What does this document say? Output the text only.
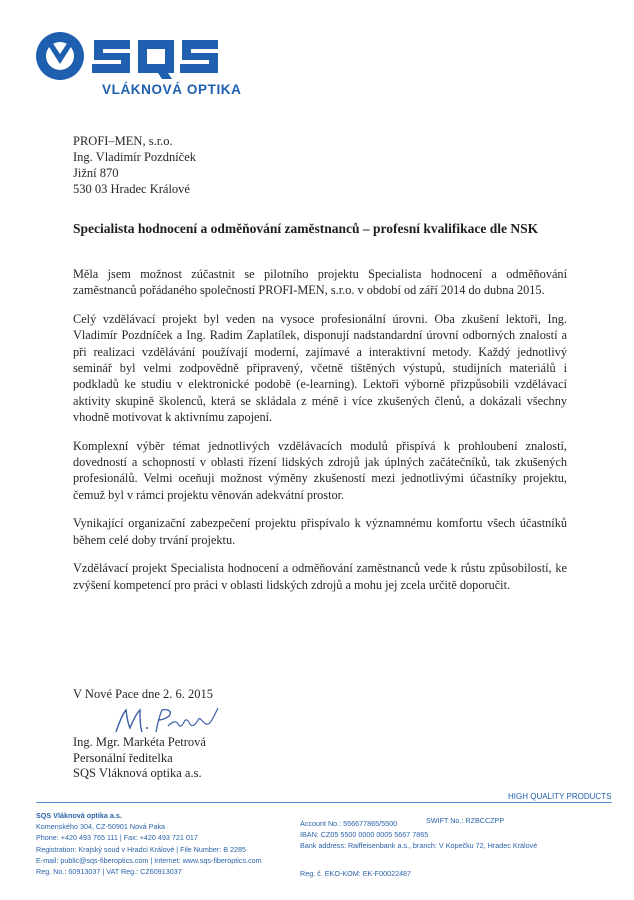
VLÁKNOVÁ OPTIKA
PROFI–MEN, s.r.o.
Ing. Vladimír Pozdníček
Jižní 870
530 03 Hradec Králové
Specialista hodnocení a odměňování zaměstnanců – profesní kvalifikace dle NSK

Měla jsem možnost zúčastnit se pilotního projektu Specialista hodnocení a odměňování zaměstnanců pořádaného společností PROFI-MEN, s.r.o. v období od září 2014 do dubna 2015.

Celý vzdělávací projekt byl veden na vysoce profesionální úrovni. Oba zkušení lektoři, Ing. Vladimír Pozdníček a Ing. Radim Zaplatílek, disponují nadstandardní úrovní odborných znalostí a při realizaci vzdělávání používají moderní, zajímavé a interaktivní metody. Každý jednotlivý seminář byl velmi zodpovědně připravený, včetně tištěných výstupů, studijních materiálů i podkladů ke studiu v elektronické podobě (e-learning). Lektoři výborně přizpůsobili vzdělávací aktivity skupině školenců, která se skládala z méně i více zkušených členů, a dokázali všechny vhodně motivovat k aktivnímu zapojení.

Komplexní výběr témat jednotlivých vzdělávacích modulů přispívá k prohloubení znalostí, dovedností a schopností v oblasti řízení lidských zdrojů jak úplných začátečníků, tak zkušených profesionálů. Velmi oceňuji možnost výměny zkušeností mezi jednotlivými účastníky projektu, čemuž byl v rámci projektu věnován adekvátní prostor.

Vynikající organizační zabezpečení projektu přispívalo k významnému komfortu všech účastníků během celé doby trvání projektu.

Vzdělávací projekt Specialista hodnocení a odměňování zaměstnanců vede k růstu způsobilostí, ke zvýšení kompetencí pro práci v oblasti lidských zdrojů a mohu jej zcela určitě doporučit.

V Nové Pace dne 2. 6. 2015
Ing. Mgr. Markéta Petrová
Personální ředitelka
SQS Vláknová optika a.s.
HIGH QUALITY PRODUCTS
SQS Vláknová optika a.s.
Komenského 304, CZ-50901 Nová Paka
Phone: +420 493 765 111 | Fax: +420 493 721 017
Registration: Krajský soud v Hradci Králové | File Number: B 2285
E-mail: public@sqs-fiberoptics.com | Internet: www.sqs-fiberoptics.com
Reg. No.: 60913037 | VAT Reg.: CZ60913037
Account No.: 556677865/5500
IBAN: CZ05 5500 0000 0005 5667 7865
Bank address: Raiffeisenbank a.s., branch: V Kopečku 72, Hradec Králové
SWIFT No.: RZBCCZPP
Reg. č. EKO-KOM: EK-F00022487
